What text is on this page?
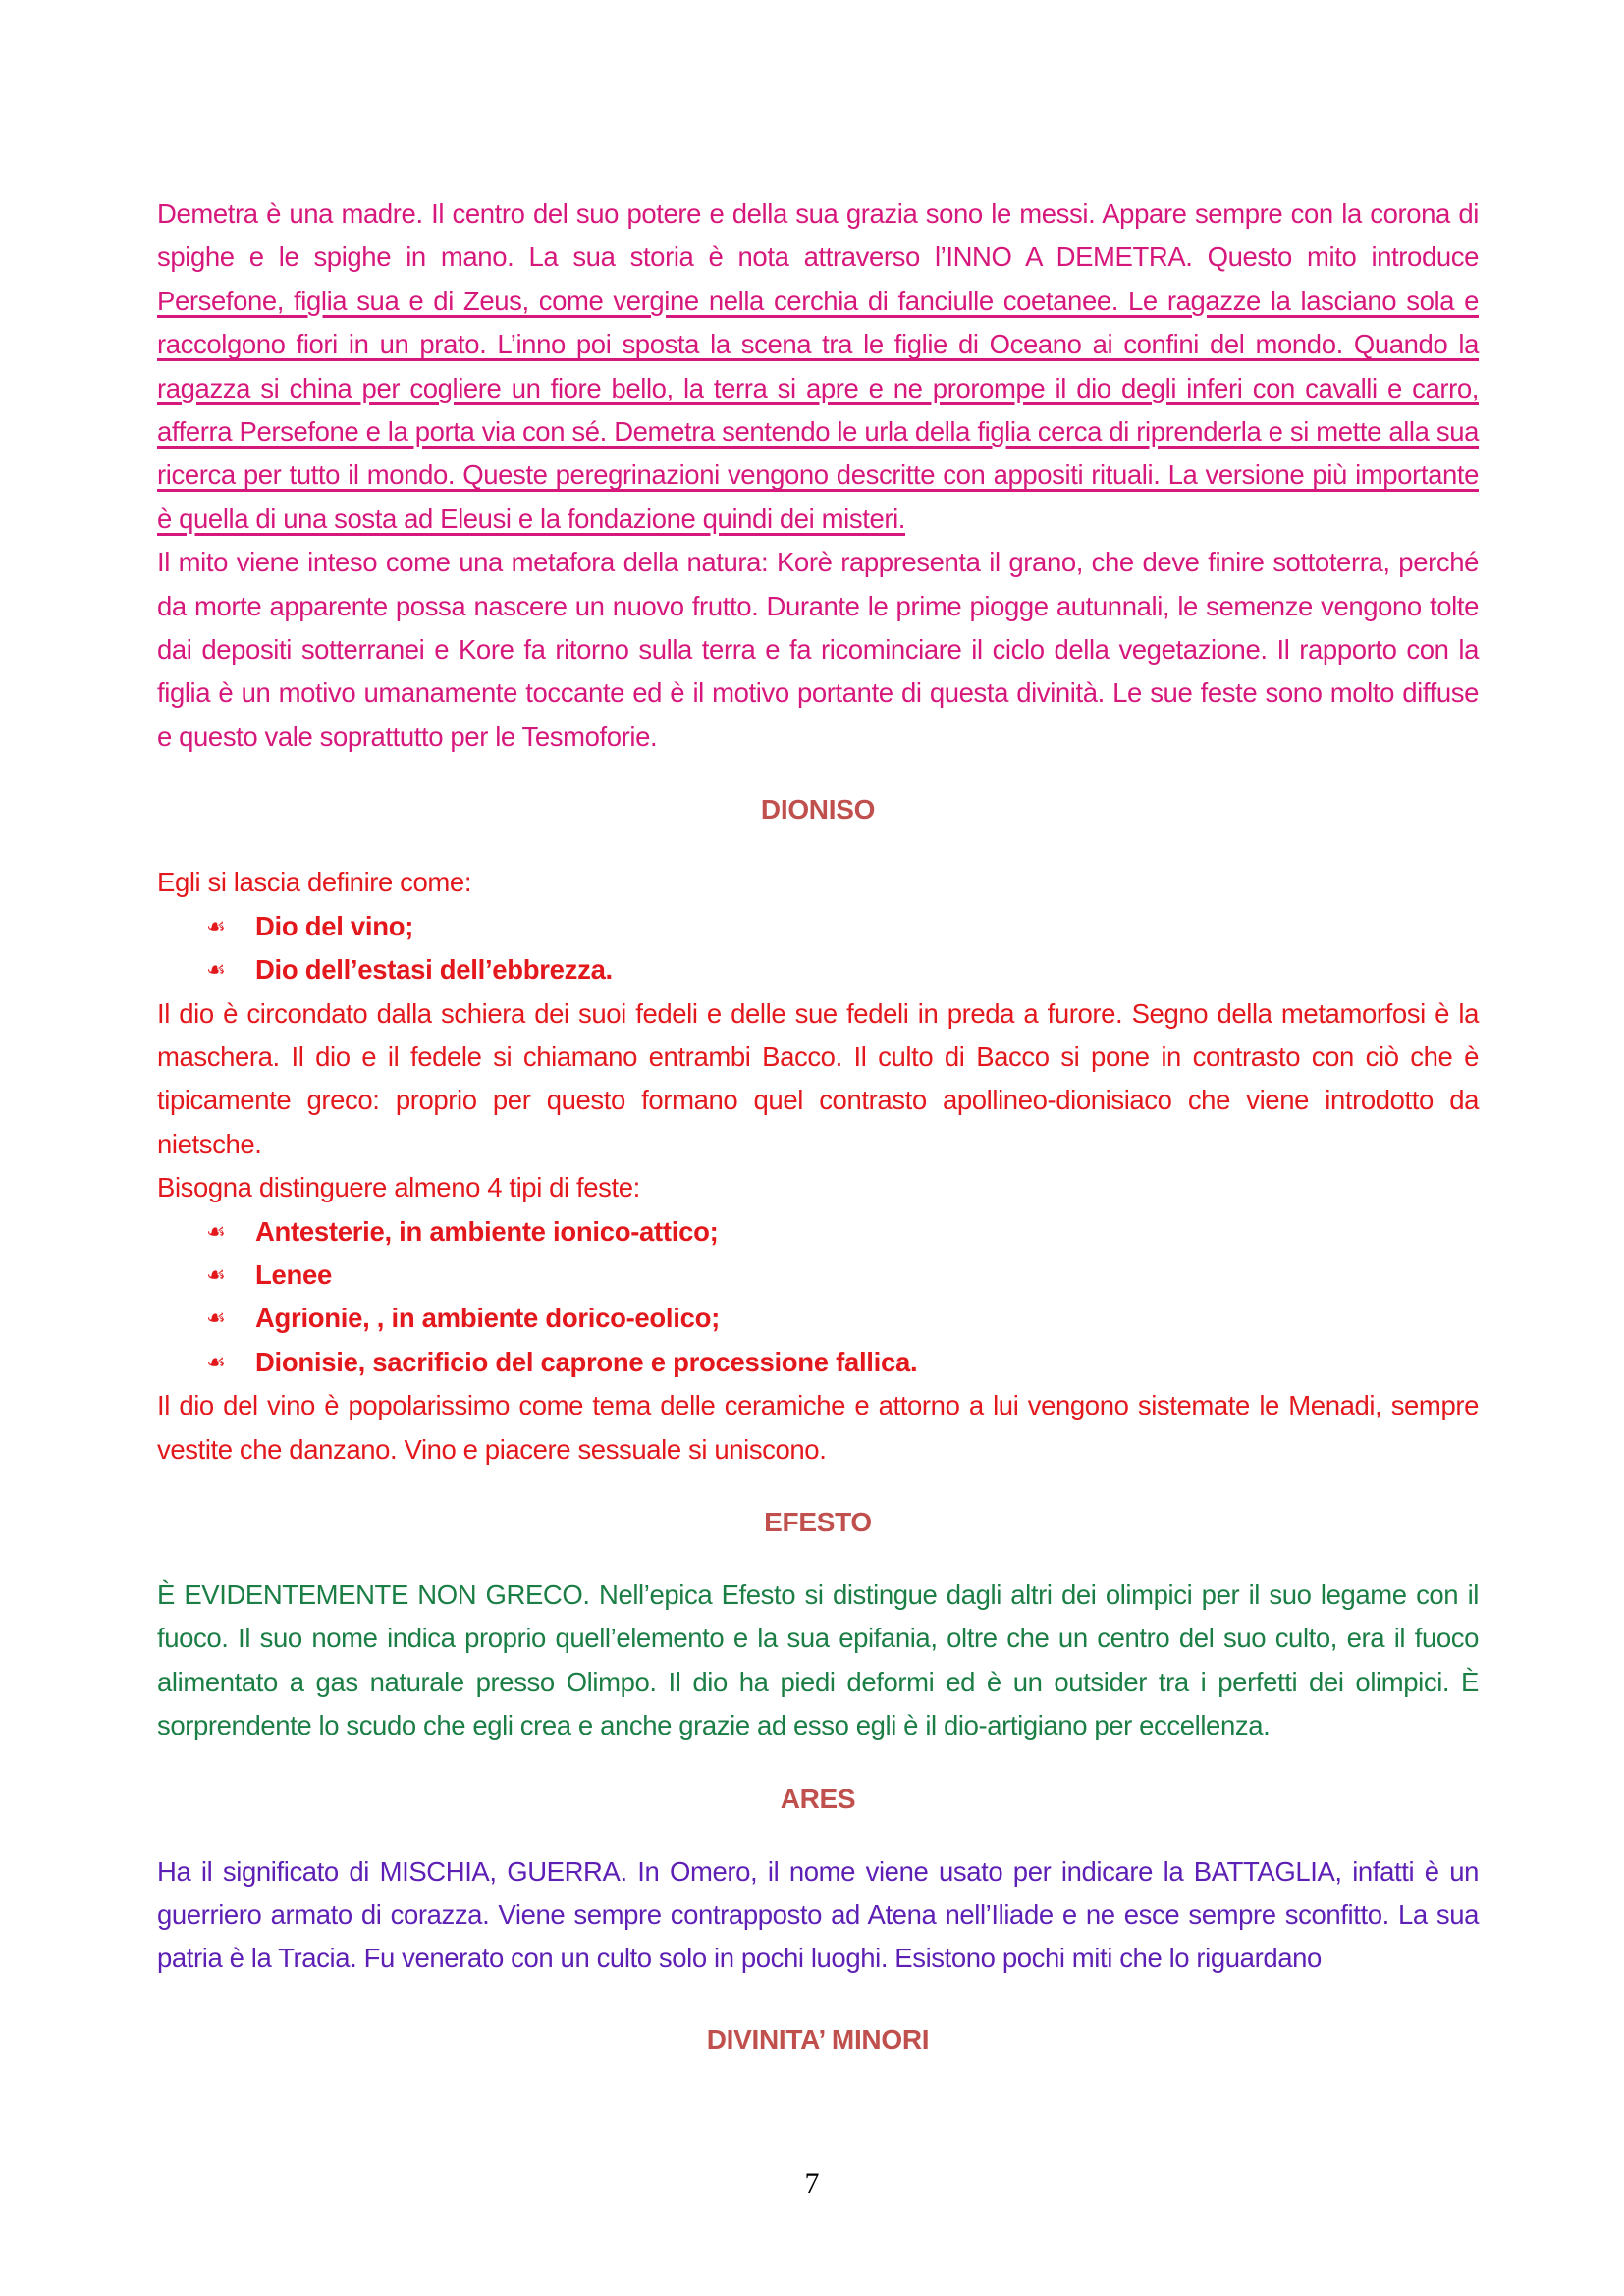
Demetra è una madre. Il centro del suo potere e della sua grazia sono le messi. Appare sempre con la corona di spighe e le spighe in mano. La sua storia è nota attraverso l’INNO A DEMETRA. Questo mito introduce Persefone, figlia sua e di Zeus, come vergine nella cerchia di fanciulle coetanee. Le ragazze la lasciano sola e raccolgono fiori in un prato. L’inno poi sposta la scena tra le figlie di Oceano ai confini del mondo. Quando la ragazza si china per cogliere un fiore bello, la terra si apre e ne prorompe il dio degli inferi con cavalli e carro, afferra Persefone e la porta via con sé. Demetra sentendo le urla della figlia cerca di riprenderla e si mette alla sua ricerca per tutto il mondo. Queste peregrinazioni vengono descritte con appositi rituali. La versione più importante è quella di una sosta ad Eleusi e la fondazione quindi dei misteri.

Il mito viene inteso come una metafora della natura: Korè rappresenta il grano, che deve finire sottoterra, perché da morte apparente possa nascere un nuovo frutto. Durante le prime piogge autunnali, le semenze vengono tolte dai depositi sotterranei e Kore fa ritorno sulla terra e fa ricominciare il ciclo della vegetazione. Il rapporto con la figlia è un motivo umanamente toccante ed è il motivo portante di questa divinità. Le sue feste sono molto diffuse e questo vale soprattutto per le Tesmoforie.

DIONISO

Egli si lascia definire come:

☙	Dio del vino;
☙	Dio dell’estasi dell’ebbrezza.

Il dio è circondato dalla schiera dei suoi fedeli e delle sue fedeli in preda a furore. Segno della metamorfosi è la maschera. Il dio e il fedele si chiamano entrambi Bacco. Il culto di Bacco si pone in contrasto con ciò che è tipicamente greco: proprio per questo formano quel contrasto apollineo-dionisiaco che viene introdotto da nietsche.

Bisogna distinguere almeno 4 tipi di feste:

☙	Antesterie, in ambiente ionico-attico;
☙	Lenee
☙	Agrionie, , in ambiente dorico-eolico;
☙	Dionisie, sacrificio del caprone e processione fallica.

Il dio del vino è popolarissimo come tema delle ceramiche e attorno a lui vengono sistemate le Menadi, sempre vestite che danzano. Vino e piacere sessuale si uniscono.

EFESTO

È EVIDENTEMENTE NON GRECO. Nell’epica Efesto si distingue dagli altri dei olimpici per il suo legame con il fuoco. Il suo nome indica proprio quell’elemento e la sua epifania, oltre che un centro del suo culto, era il fuoco alimentato a gas naturale presso Olimpo. Il dio ha piedi deformi ed è un outsider tra i perfetti dei olimpici. È sorprendente lo scudo che egli crea e anche grazie ad esso egli è il dio-artigiano per eccellenza.

ARES

Ha il significato di MISCHIA, GUERRA. In Omero, il nome viene usato per indicare la BATTAGLIA, infatti è un guerriero armato di corazza. Viene sempre contrapposto ad Atena nell’Iliade e ne esce sempre sconfitto. La sua patria è la Tracia. Fu venerato con un culto solo in pochi luoghi. Esistono pochi miti che lo riguardano

DIVINITA’ MINORI
7
